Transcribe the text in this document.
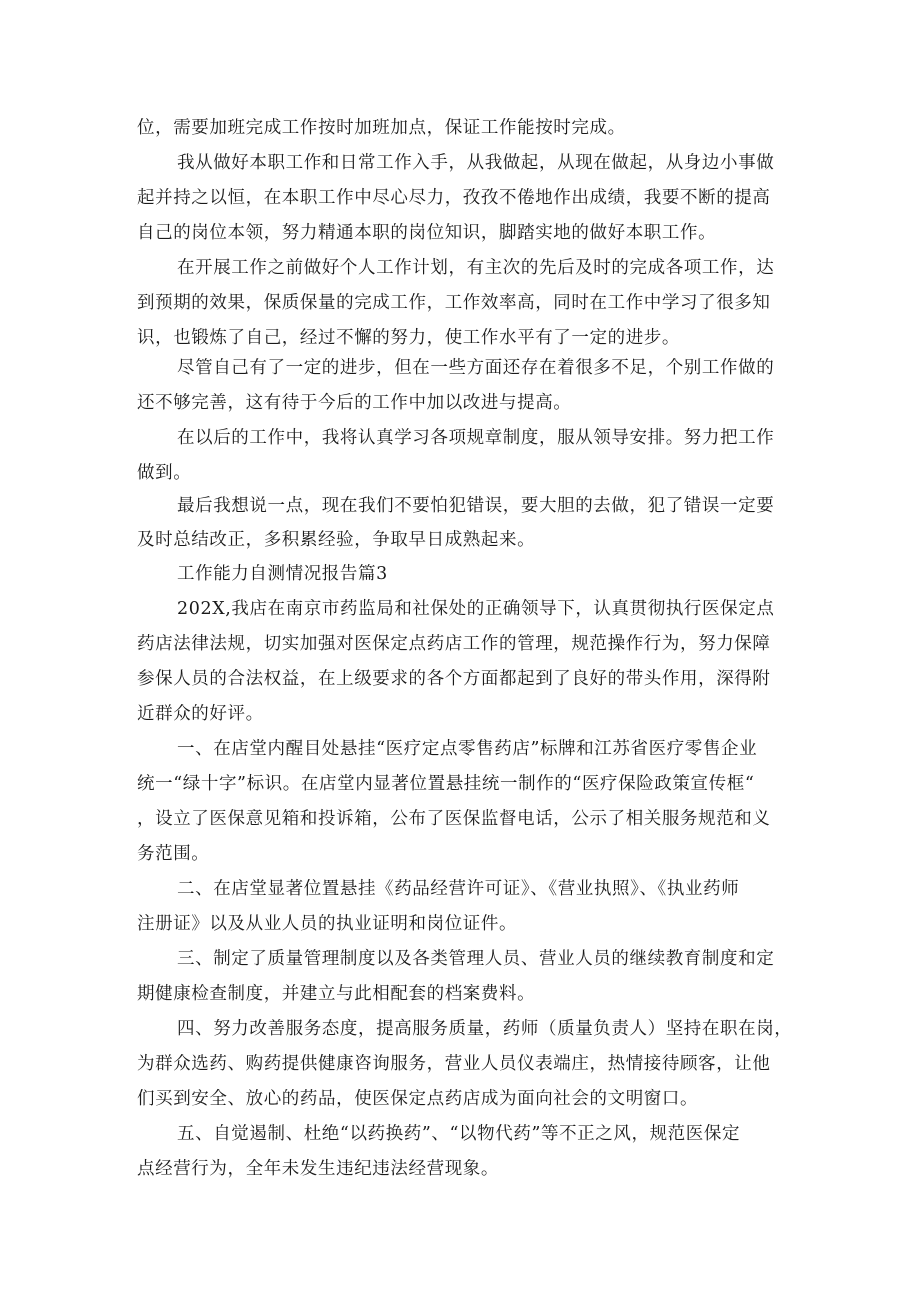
位，需要加班完成工作按时加班加点，保证工作能按时完成。
我从做好本职工作和日常工作入手，从我做起，从现在做起，从身边小事做
起并持之以恒，在本职工作中尽心尽力，孜孜不倦地作出成绩，我要不断的提高
自己的岗位本领，努力精通本职的岗位知识，脚踏实地的做好本职工作。
在开展工作之前做好个人工作计划，有主次的先后及时的完成各项工作，达
到预期的效果，保质保量的完成工作，工作效率高，同时在工作中学习了很多知
识，也锻炼了自己，经过不懈的努力，使工作水平有了一定的进步。
尽管自己有了一定的进步，但在一些方面还存在着很多不足，个别工作做的
还不够完善，这有待于今后的工作中加以改进与提高。
在以后的工作中，我将认真学习各项规章制度，服从领导安排。努力把工作
做到。
最后我想说一点，现在我们不要怕犯错误，要大胆的去做，犯了错误一定要
及时总结改正，多积累经验，争取早日成熟起来。
工作能力自测情况报告篇3
202X,我店在南京市药监局和社保处的正确领导下，认真贯彻执行医保定点
药店法律法规，切实加强对医保定点药店工作的管理，规范操作行为，努力保障
参保人员的合法权益，在上级要求的各个方面都起到了良好的带头作用，深得附
近群众的好评。
一、在店堂内醒目处悬挂“医疗定点零售药店”标牌和江苏省医疗零售企业
统一“绿十字”标识。在店堂内显著位置悬挂统一制作的“医疗保险政策宣传框“
，设立了医保意见箱和投诉箱，公布了医保监督电话，公示了相关服务规范和义
务范围。
二、在店堂显著位置悬挂《药品经营许可证》、《营业执照》、《执业药师
注册证》以及从业人员的执业证明和岗位证件。
三、制定了质量管理制度以及各类管理人员、营业人员的继续教育制度和定
期健康检查制度，并建立与此相配套的档案费料。
四、努力改善服务态度，提高服务质量，药师（质量负责人）坚持在职在岗，
为群众选药、购药提供健康咨询服务，营业人员仪表端庄，热情接待顾客，让他
们买到安全、放心的药品，使医保定点药店成为面向社会的文明窗口。
五、自觉遏制、杜绝“以药换药”、“以物代药”等不正之风，规范医保定
点经营行为，全年未发生违纪违法经营现象。
